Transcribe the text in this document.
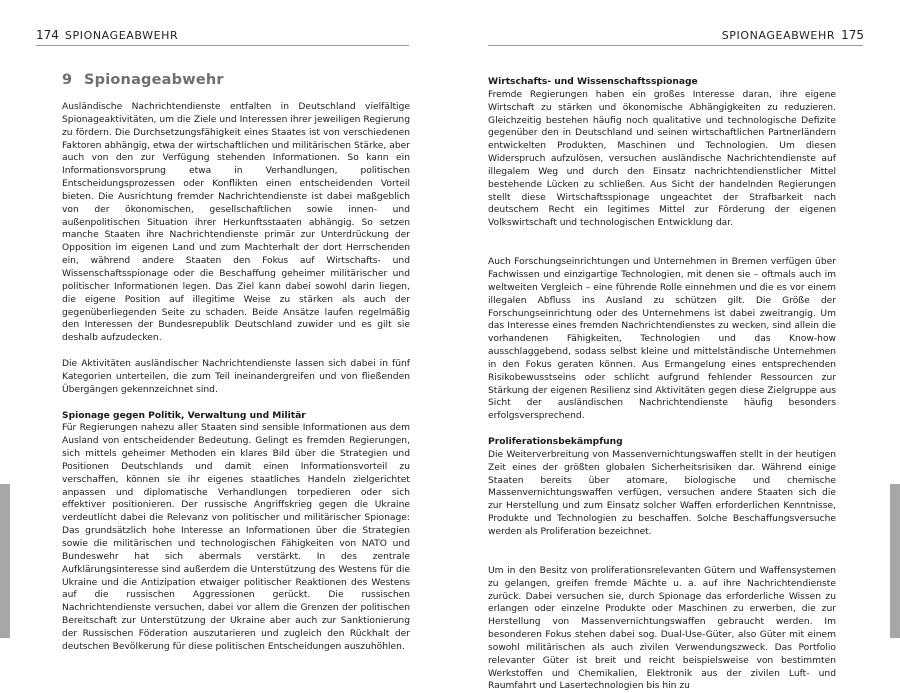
174 SPIONAGEABWEHR
9 Spionageabwehr

Ausländische Nachrichtendienste entfalten in Deutschland vielfältige Spionageaktivitäten, um die Ziele und Interessen ihrer jeweiligen Regierung zu fördern. Die Durchsetzungsfähigkeit eines Staates ist von verschiedenen Faktoren abhängig, etwa der wirtschaftlichen und militärischen Stärke, aber auch von den zur Verfügung stehenden Informationen. So kann ein Informationsvorsprung etwa in Verhandlungen, politischen Entscheidungsprozessen oder Konflikten einen entscheidenden Vorteil bieten. Die Ausrichtung fremder Nachrichtendienste ist dabei maßgeblich von der ökonomischen, gesellschaftlichen sowie innen- und außenpolitischen Situation ihrer Herkunftsstaaten abhängig. So setzen manche Staaten ihre Nachrichtendienste primär zur Unterdrückung der Opposition im eigenen Land und zum Machterhalt der dort Herrschenden ein, während andere Staaten den Fokus auf Wirtschafts- und Wissenschaftsspionage oder die Beschaffung geheimer militärischer und politischer Informationen legen. Das Ziel kann dabei sowohl darin liegen, die eigene Position auf illegitime Weise zu stärken als auch der gegenüberliegenden Seite zu schaden. Beide Ansätze laufen regelmäßig den Interessen der Bundesrepublik Deutschland zuwider und es gilt sie deshalb aufzudecken.

Die Aktivitäten ausländischer Nachrichtendienste lassen sich dabei in fünf Kategorien unterteilen, die zum Teil ineinandergreifen und von fließenden Übergängen gekennzeichnet sind.

Spionage gegen Politik, Verwaltung und Militär

Für Regierungen nahezu aller Staaten sind sensible Informationen aus dem Ausland von entscheidender Bedeutung. Gelingt es fremden Regierungen, sich mittels geheimer Methoden ein klares Bild über die Strategien und Positionen Deutschlands und damit einen Informationsvorteil zu verschaffen, können sie ihr eigenes staatliches Handeln zielgerichtet anpassen und diplomatische Verhandlungen torpedieren oder sich effektiver positionieren. Der russische Angriffskrieg gegen die Ukraine verdeutlicht dabei die Relevanz von politischer und militärischer Spionage: Das grundsätzlich hohe Interesse an Informationen über die Strategien sowie die militärischen und technologischen Fähigkeiten von NATO und Bundeswehr hat sich abermals verstärkt. In des zentrale Aufklärungsinteresse sind außerdem die Unterstützung des Westens für die Ukraine und die Antizipation etwaiger politischer Reaktionen des Westens auf die russischen Aggressionen gerückt. Die russischen Nachrichtendienste versuchen, dabei vor allem die Grenzen der politischen Bereitschaft zur Unterstützung der Ukraine aber auch zur Sanktionierung der Russischen Föderation auszutarieren und zugleich den Rückhalt der deutschen Bevölkerung für diese politischen Entscheidungen auszuhöhlen.

SPIONAGEABWEHR 175
Wirtschafts- und Wissenschaftsspionage

Fremde Regierungen haben ein großes Interesse daran, ihre eigene Wirtschaft zu stärken und ökonomische Abhängigkeiten zu reduzieren. Gleichzeitig bestehen häufig noch qualitative und technologische Defizite gegenüber den in Deutschland und seinen wirtschaftlichen Partnerländern entwickelten Produkten, Maschinen und Technologien. Um diesen Widerspruch aufzulösen, versuchen ausländische Nachrichtendienste auf illegalem Weg und durch den Einsatz nachrichtendienstlicher Mittel bestehende Lücken zu schließen. Aus Sicht der handelnden Regierungen stellt diese Wirtschaftsspionage ungeachtet der Strafbarkeit nach deutschem Recht ein legitimes Mittel zur Förderung der eigenen Volkswirtschaft und technologischen Entwicklung dar.

Auch Forschungseinrichtungen und Unternehmen in Bremen verfügen über Fachwissen und einzigartige Technologien, mit denen sie – oftmals auch im weltweiten Vergleich – eine führende Rolle einnehmen und die es vor einem illegalen Abfluss ins Ausland zu schützen gilt. Die Größe der Forschungseinrichtung oder des Unternehmens ist dabei zweitrangig. Um das Interesse eines fremden Nachrichtendienstes zu wecken, sind allein die vorhandenen Fähigkeiten, Technologien und das Know-how ausschlaggebend, sodass selbst kleine und mittelständische Unternehmen in den Fokus geraten können. Aus Ermangelung eines entsprechenden Risikobewusstseins oder schlicht aufgrund fehlender Ressourcen zur Stärkung der eigenen Resilienz sind Aktivitäten gegen diese Zielgruppe aus Sicht der ausländischen Nachrichtendienste häufig besonders erfolgsversprechend.

Proliferationsbekämpfung

Die Weiterverbreitung von Massenvernichtungswaffen stellt in der heutigen Zeit eines der größten globalen Sicherheitsrisiken dar. Während einige Staaten bereits über atomare, biologische und chemische Massenvernichtungswaffen verfügen, versuchen andere Staaten sich die zur Herstellung und zum Einsatz solcher Waffen erforderlichen Kenntnisse, Produkte und Technologien zu beschaffen. Solche Beschaffungsversuche werden als Proliferation bezeichnet.

Um in den Besitz von proliferationsrelevanten Gütern und Waffensystemen zu gelangen, greifen fremde Mächte u. a. auf ihre Nachrichtendienste zurück. Dabei versuchen sie, durch Spionage das erforderliche Wissen zu erlangen oder einzelne Produkte oder Maschinen zu erwerben, die zur Herstellung von Massenvernichtungswaffen gebraucht werden. Im besonderen Fokus stehen dabei sog. Dual-Use-Güter, also Güter mit einem sowohl militärischen als auch zivilen Verwendungszweck. Das Portfolio relevanter Güter ist breit und reicht beispielsweise von bestimmten Werkstoffen und Chemikalien, Elektronik aus der zivilen Luft- und Raumfahrt und Lasertechnologien bis hin zu
